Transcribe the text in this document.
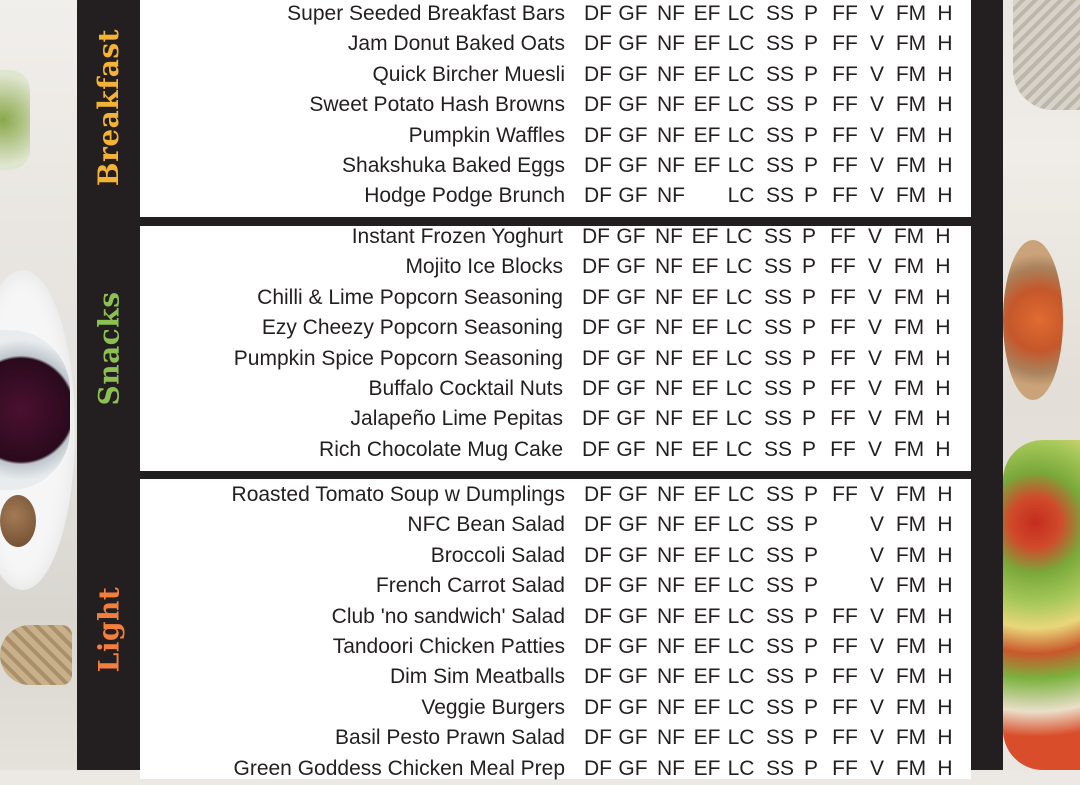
Breakfast
Super Seeded Breakfast Bars DF GF NF EF LC SS P FF V FM H
Jam Donut Baked Oats DF GF NF EF LC SS P FF V FM H
Quick Bircher Muesli DF GF NF EF LC SS P FF V FM H
Sweet Potato Hash Browns DF GF NF EF LC SS P FF V FM H
Pumpkin Waffles DF GF NF EF LC SS P FF V FM H
Shakshuka Baked Eggs DF GF NF EF LC SS P FF V FM H
Hodge Podge Brunch DF GF NF LC SS P FF V FM H
Snacks
Instant Frozen Yoghurt DF GF NF EF LC SS P FF V FM H
Mojito Ice Blocks DF GF NF EF LC SS P FF V FM H
Chilli & Lime Popcorn Seasoning DF GF NF EF LC SS P FF V FM H
Ezy Cheezy Popcorn Seasoning DF GF NF EF LC SS P FF V FM H
Pumpkin Spice Popcorn Seasoning DF GF NF EF LC SS P FF V FM H
Buffalo Cocktail Nuts DF GF NF EF LC SS P FF V FM H
Jalapeño Lime Pepitas DF GF NF EF LC SS P FF V FM H
Rich Chocolate Mug Cake DF GF NF EF LC SS P FF V FM H
Light
Roasted Tomato Soup w Dumplings DF GF NF EF LC SS P FF V FM H
NFC Bean Salad DF GF NF EF LC SS P V FM H
Broccoli Salad DF GF NF EF LC SS P V FM H
French Carrot Salad DF GF NF EF LC SS P V FM H
Club 'no sandwich' Salad DF GF NF EF LC SS P FF V FM H
Tandoori Chicken Patties DF GF NF EF LC SS P FF V FM H
Dim Sim Meatballs DF GF NF EF LC SS P FF V FM H
Veggie Burgers DF GF NF EF LC SS P FF V FM H
Basil Pesto Prawn Salad DF GF NF EF LC SS P FF V FM H
Green Goddess Chicken Meal Prep DF GF NF EF LC SS P FF V FM H
